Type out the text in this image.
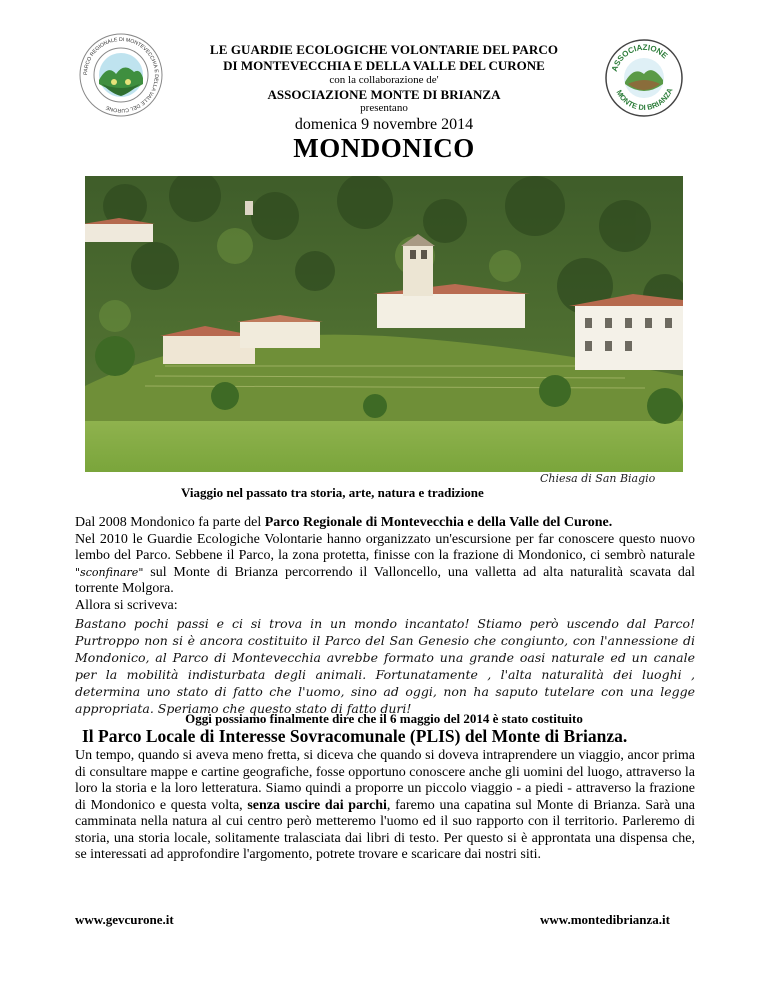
PARCO REGIONALE DI MONTEVECCHIA E DELLA VALLE DEL CURONE
ASSOCIAZIONE
MONTE DI BRIANZA
LE GUARDIE ECOLOGICHE VOLONTARIE DEL PARCO
DI MONTEVECCHIA E DELLA VALLE DEL CURONE
con la collaborazione de'
ASSOCIAZIONE MONTE DI BRIANZA
presentano
domenica 9 novembre 2014
MONDONICO
Chiesa di San Biagio
Viaggio nel passato tra storia, arte, natura e tradizione
Dal 2008 Mondonico fa parte del Parco Regionale di Montevecchia e della Valle del Curone.
Nel 2010 le Guardie Ecologiche Volontarie hanno organizzato un'escursione per far conoscere questo nuovo lembo del Parco. Sebbene il Parco, la zona protetta, finisse con la frazione di Mondonico, ci sembrò naturale "sconfinare" sul Monte di Brianza percorrendo il Valloncello, una valletta ad alta naturalità scavata dal torrente Molgora.
Allora si scriveva:
Bastano pochi passi e ci si trova in un mondo incantato! Stiamo però uscendo dal Parco! Purtroppo non si è ancora costituito il Parco del San Genesio che congiunto, con l'annessione di Mondonico, al Parco di Montevecchia avrebbe formato una grande oasi naturale ed un canale per la mobilità indisturbata degli animali. Fortunatamente , l'alta naturalità dei luoghi , determina uno stato di fatto che l'uomo, sino ad oggi, non ha saputo tutelare con una legge appropriata. Speriamo che questo stato di fatto duri!
Oggi possiamo finalmente dire che il 6 maggio del 2014 è stato costituito
Il Parco Locale di Interesse Sovracomunale (PLIS) del Monte di Brianza.
Un tempo, quando si aveva meno fretta, si diceva che quando si doveva intraprendere un viaggio, ancor prima di consultare mappe e cartine geografiche, fosse opportuno conoscere anche gli uomini del luogo, attraverso la loro la storia e la loro letteratura. Siamo quindi a proporre un piccolo viaggio - a piedi - attraverso la frazione di Mondonico e questa volta, senza uscire dai parchi, faremo una capatina sul Monte di Brianza. Sarà una camminata nella natura al cui centro però metteremo l'uomo ed il suo rapporto con il territorio. Parleremo di storia, una storia locale, solitamente tralasciata dai libri di testo. Per questo si è approntata una dispensa che, se interessati ad approfondire l'argomento, potrete trovare e scaricare dai nostri siti.
www.gevcurone.it	www.montedibrianza.it
